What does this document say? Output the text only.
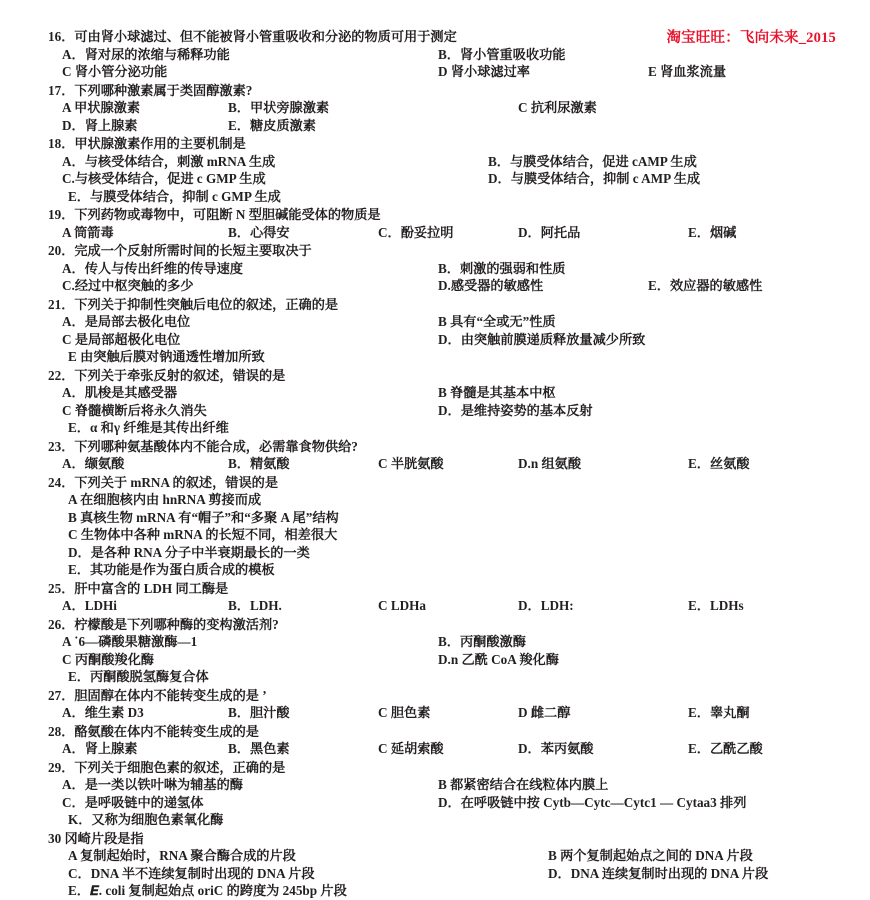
淘宝旺旺：飞向未来_2015
16．可由肾小球滤过、但不能被肾小管重吸收和分泌的物质可用于测定
A．肾对尿的浓缩与稀释功能	B．肾小管重吸收功能
C 肾小管分泌功能	D 肾小球滤过率	E 肾血浆流量
17．下列哪种激素属于类固醇激素?
A 甲状腺激素	B．甲状旁腺激素	C 抗利尿激素
D．肾上腺素	E．糖皮质激素
18．甲状腺激素作用的主要机制是
A．与核受体结合，刺激 mRNA 生成	B．与膜受体结合，促进 cAMP 生成
C.与核受体结合，促进 c GMP 生成	D．与膜受体结合，抑制 c AMP 生成
E．与膜受体结合，抑制 c GMP 生成
19．下列药物或毒物中，可阻断 N 型胆碱能受体的物质是
A 筒箭毒	B．心得安	C．酚妥拉明	D．阿托品	E．烟碱
20．完成一个反射所需时间的长短主要取决于
A．传人与传出纤维的传导速度	B．刺激的强弱和性质
C.经过中枢突触的多少	D.感受器的敏感性	E．效应器的敏感性
21．下列关于抑制性突触后电位的叙述，正确的是
A．是局部去极化电位	B 具有“全或无”性质
C 是局部超极化电位	D．由突触前膜递质释放量减少所致
E 由突触后膜对钠通透性增加所致
22．下列关于牵张反射的叙述，错误的是
A．肌梭是其感受器	B 脊髓是其基本中枢
C 脊髓横断后将永久消失	D．是维持姿势的基本反射
E．α 和γ 纤维是其传出纤维
23．下列哪种氨基酸体内不能合成，必需靠食物供给?
A．缬氨酸	B．精氨酸	C 半胱氨酸	D.n 组氨酸	E．丝氨酸
24．下列关于 mRNA 的叙述，错误的是
A 在细胞核内由 hnRNA 剪接而成
B 真核生物 mRNA 有“帽子”和“多聚 A 尾”结构
C 生物体中各种 mRNA 的长短不同，相差很大
D．是各种 RNA 分子中半衰期最长的一类
E．其功能是作为蛋白质合成的模板
25．肝中富含的 LDH 同工酶是
A．LDHi	B．LDH.	C LDHa	D．LDH:	E．LDHs
26．柠檬酸是下列哪种酶的变构激活剂?
A ˙6—磷酸果糖激酶—1	B．丙酮酸激酶
C 丙酮酸羧化酶	D.n 乙酰 CoA 羧化酶
E．丙酮酸脱氢酶复合体
27．胆固醇在体内不能转变生成的是 ’
A．维生素 D3	B．胆汁酸	C 胆色素	D 雌二醇	E．睾丸酮
28．酪氨酸在体内不能转变生成的是
A．肾上腺素	B．黑色素	C 延胡索酸	D．苯丙氨酸	E．乙酰乙酸
29．下列关于细胞色素的叙述，正确的是
A．是一类以铁叶啉为辅基的酶	B 都紧密结合在线粒体内膜上
C．是呼吸链中的递氢体	D．在呼吸链中按 Cytb—Cytc—Cytc1 — Cytaa3 排列
K．又称为细胞色素氧化酶
30 冈崎片段是指
A 复制起始时，RNA 聚合酶合成的片段	B 两个复制起始点之间的 DNA 片段
C．DNA 半不连续复制时出现的 DNA 片段	D．DNA 连续复制时出现的 DNA 片段
E．𝑬. coli 复制起始点 oriC 的跨度为 245bp 片段
